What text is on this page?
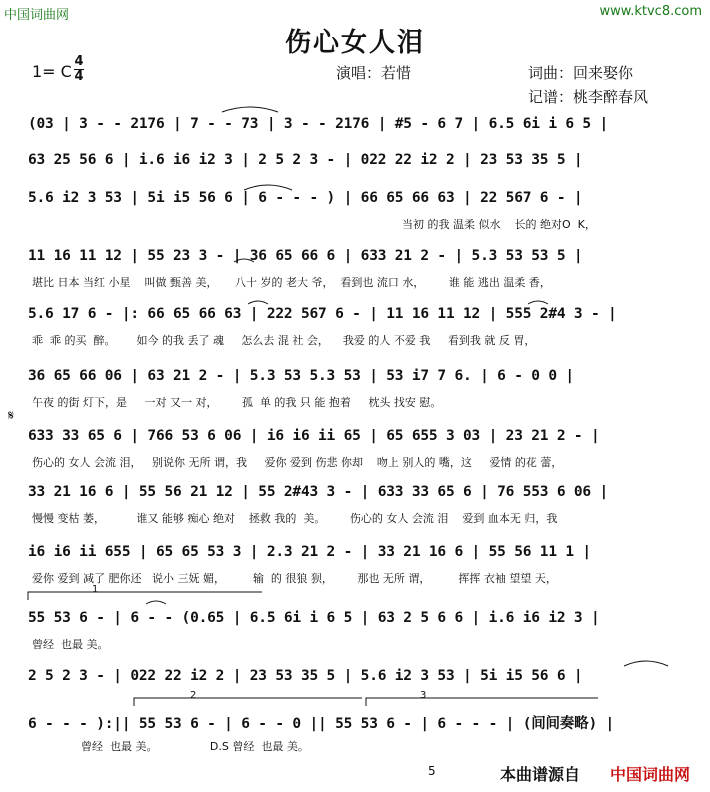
中国词曲网	www.ktvc8.com
伤心女人泪
1= C
4
4	演唱：若惜	词曲：回来娶你
记谱：桃李醉春风
(03 | 3 - - 2176 | 7 - - 73 | 3 - - 2176 | #5 - 6 7 | 6.5 6i i 6 5 |
63 25 56 6 | i.6 i6 i2 3 | 2 5 2 3 - | 022 22 i2 2 | 23 53 35 5 |
5.6 i2 3 53 | 5i i5 56 6 | 6 - - - ) | 66 65 66 63 | 22 567 6 - |
当初 的我 温柔 似水    长的 绝对O  K，
11 16 11 12 | 55 23 3 - | 36 65 66 6 | 633 21 2 - | 5.3 53 53 5 |
堪比 日本 当红 小星    叫做 甄善 美，     八十 岁的 老大 爷，  看到也 流口 水，       谁 能 逃出 温柔 香，
5.6 17 6 - |: 66 65 66 63 | 222 567 6 - | 11 16 11 12 | 555 2#4 3 - |
乖  乖 的买  醉。      如今 的我 丢了 魂     怎么去 混 社 会，    我爱 的人 不爱 我     看到我 就 反 胃，
36 65 66 06 | 63 21 2 - | 5.3 53 5.3 53 | 53 i7 7 6. | 6 - 0 0 |
午夜 的街 灯下，是     一对 又一 对，       孤  单 的我 只 能 抱着     枕头 找安 慰。
𝄋
633 33 65 6 | 766 53 6 06 | i6 i6 ii 65 | 65 655 3 03 | 23 21 2 - |
伤心的 女人 会流 泪，   别说你 无所 谓，我     爱你 爱到 伤悲 你却    吻上 别人的 嘴，这     爱情 的花 蕾，
33 21 16 6 | 55 56 21 12 | 55 2#43 3 - | 633 33 65 6 | 76 553 6 06 |
慢慢 变枯 萎，         谁又 能够 痴心 绝对    拯救 我的  美。       伤心的 女人 会流 泪    爱到 血本无 归，我
i6 i6 ii 655 | 65 65 53 3 | 2.3 21 2 - | 33 21 16 6 | 55 56 11 1 |
爱你 爱到 减了 肥你还   说小 三妩 媚，        输  的 很狼 狈，       那也 无所 谓，        挥挥 衣袖 望望 天，
1
55 53 6 - | 6 - - (0.65 | 6.5 6i i 6 5 | 63 2 5 6 6 | i.6 i6 i2 3 |
曾经  也最 美。
2 5 2 3 - | 022 22 i2 2 | 23 53 35 5 | 5.6 i2 3 53 | 5i i5 56 6 |
2	3
6 - - - ):|| 55 53 6 - | 6 - - 0 || 55 53 6 - | 6 - - - | (间间奏略) |
曾经  也最 美。               D.S 曾经  也最 美。
5	本曲谱源自 中国词曲网
